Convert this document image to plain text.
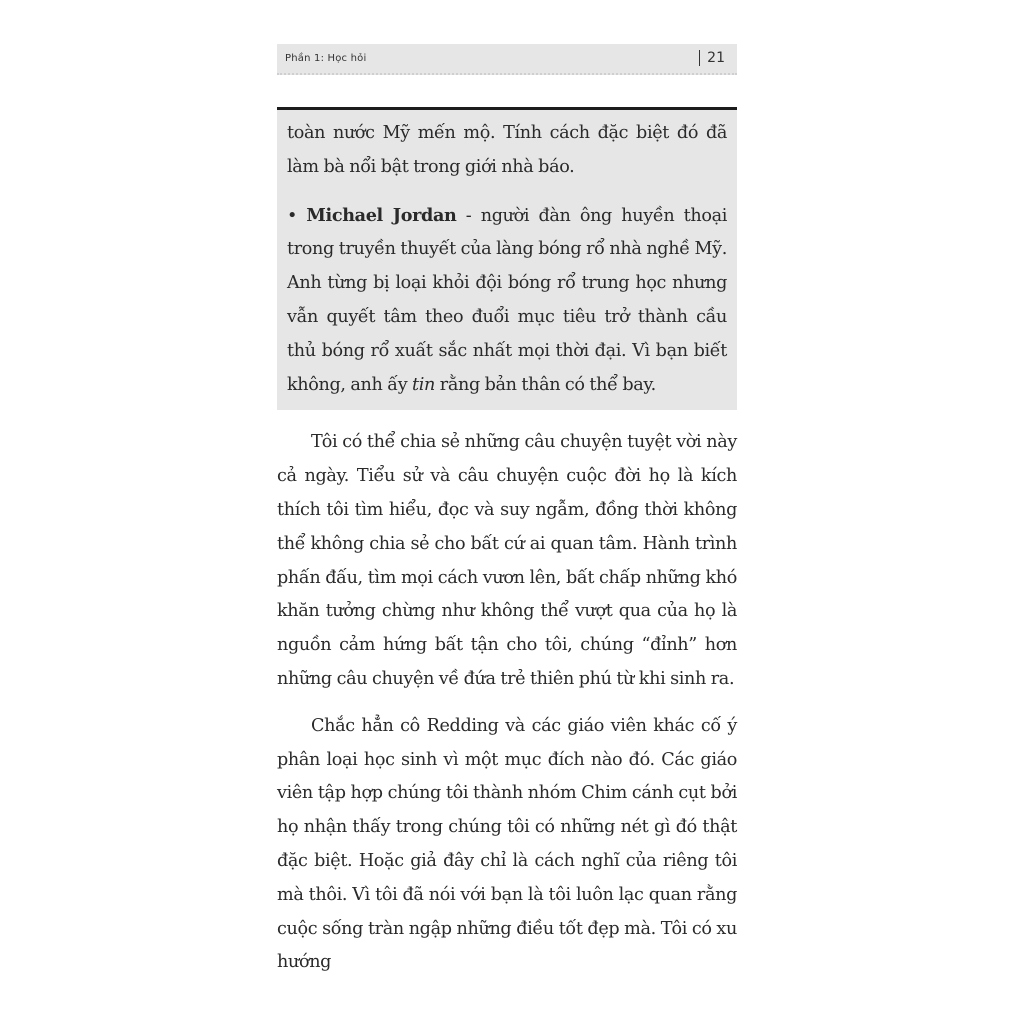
Phần 1: Học hỏi	21

toàn nước Mỹ mến mộ. Tính cách đặc biệt đó đã làm bà nổi bật trong giới nhà báo.

• Michael Jordan - người đàn ông huyền thoại trong truyền thuyết của làng bóng rổ nhà nghề Mỹ. Anh từng bị loại khỏi đội bóng rổ trung học nhưng vẫn quyết tâm theo đuổi mục tiêu trở thành cầu thủ bóng rổ xuất sắc nhất mọi thời đại. Vì bạn biết không, anh ấy tin rằng bản thân có thể bay.

Tôi có thể chia sẻ những câu chuyện tuyệt vời này cả ngày. Tiểu sử và câu chuyện cuộc đời họ là kích thích tôi tìm hiểu, đọc và suy ngẫm, đồng thời không thể không chia sẻ cho bất cứ ai quan tâm. Hành trình phấn đấu, tìm mọi cách vươn lên, bất chấp những khó khăn tưởng chừng như không thể vượt qua của họ là nguồn cảm hứng bất tận cho tôi, chúng “đỉnh” hơn những câu chuyện về đứa trẻ thiên phú từ khi sinh ra.

Chắc hẳn cô Redding và các giáo viên khác cố ý phân loại học sinh vì một mục đích nào đó. Các giáo viên tập hợp chúng tôi thành nhóm Chim cánh cụt bởi họ nhận thấy trong chúng tôi có những nét gì đó thật đặc biệt. Hoặc giả đây chỉ là cách nghĩ của riêng tôi mà thôi. Vì tôi đã nói với bạn là tôi luôn lạc quan rằng cuộc sống tràn ngập những điều tốt đẹp mà. Tôi có xu hướng
